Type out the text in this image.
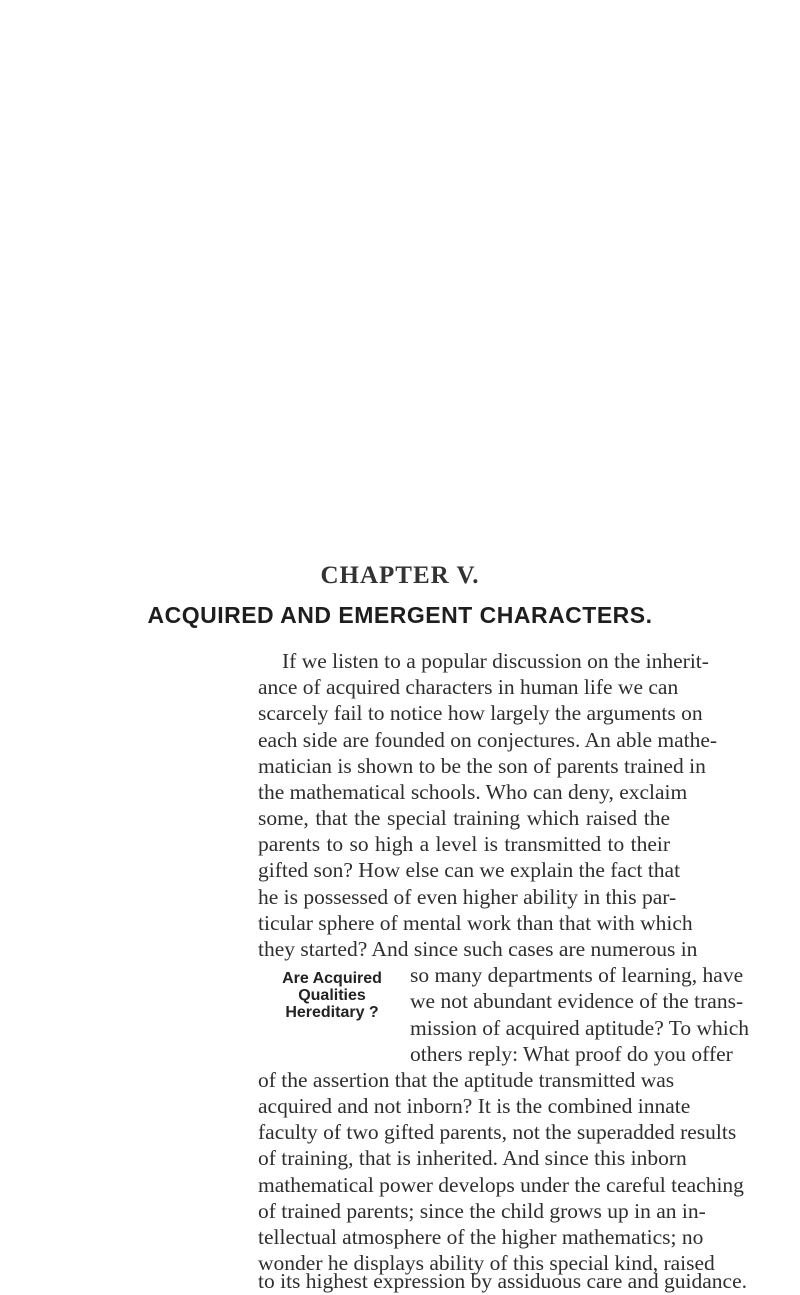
CHAPTER V.
ACQUIRED AND EMERGENT CHARACTERS.
Are Acquired
Qualities
Hereditary ?
If we listen to a popular discussion on the inherit-
ance of acquired characters in human life we can
scarcely fail to notice how largely the arguments on
each side are founded on conjectures. An able mathe-
matician is shown to be the son of parents trained in
the mathematical schools. Who can deny, exclaim
some, that the special training which raised the
parents to so high a level is transmitted to their
gifted son? How else can we explain the fact that
he is possessed of even higher ability in this par-
ticular sphere of mental work than that with which
they started? And since such cases are numerous in
so many departments of learning, have
we not abundant evidence of the trans-
mission of acquired aptitude? To which
others reply: What proof do you offer
of the assertion that the aptitude transmitted was
acquired and not inborn? It is the combined innate
faculty of two gifted parents, not the superadded results
of training, that is inherited. And since this inborn
mathematical power develops under the careful teaching
of trained parents; since the child grows up in an in-
tellectual atmosphere of the higher mathematics; no
wonder he displays ability of this special kind, raised
to its highest expression by assiduous care and guidance.
